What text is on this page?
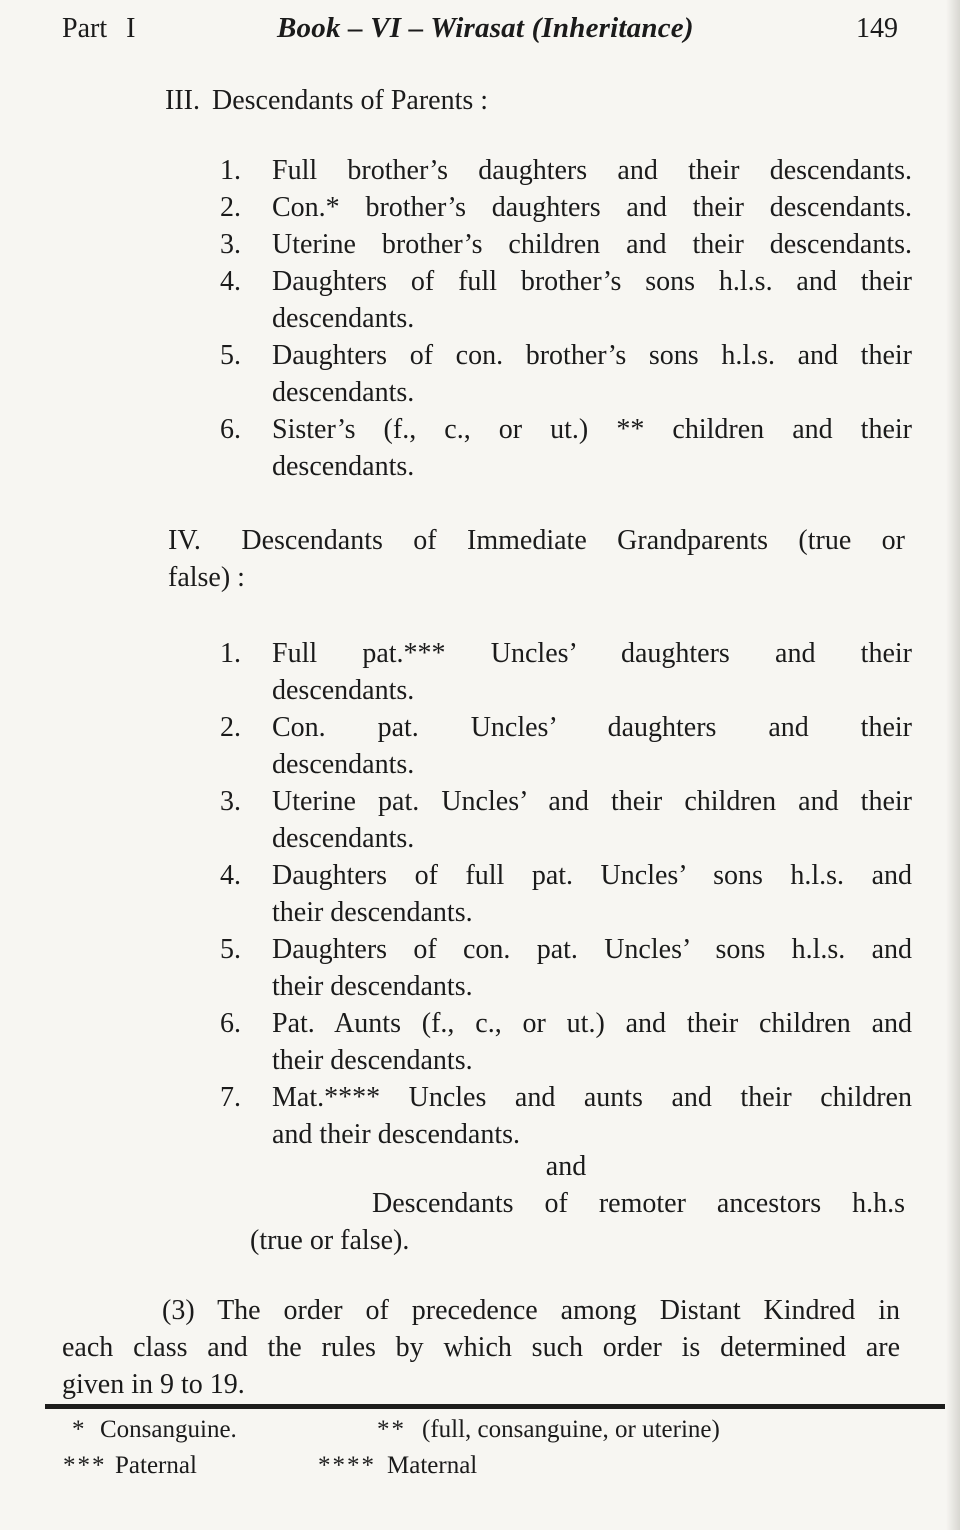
Part I	Book – VI – Wirasat (Inheritance)	149
III. Descendants of Parents :
1.	Full brother’s daughters and their descendants.
2.	Con.* brother’s daughters and their descendants.
3.	Uterine brother’s children and their descendants.
4.	Daughters of full brother’s sons h.l.s. and their
descendants.
5.	Daughters of con. brother’s sons h.l.s. and their
descendants.
6.	Sister’s (f., c., or ut.) ** children and their
descendants.
IV. Descendants of Immediate Grandparents (true or
false) :
1.	Full pat.*** Uncles’ daughters and their
descendants.
2.	Con. pat. Uncles’ daughters and their
descendants.
3.	Uterine pat. Uncles’ and their children and their
descendants.
4.	Daughters of full pat. Uncles’ sons h.l.s. and
their descendants.
5.	Daughters of con. pat. Uncles’ sons h.l.s. and
their descendants.
6.	Pat. Aunts (f., c., or ut.) and their children and
their descendants.
7.	Mat.**** Uncles and aunts and their children
and their descendants.
and
Descendants of remoter ancestors h.h.s
(true or false).
(3) The order of precedence among Distant Kindred in
each class and the rules by which such order is determined are
given in 9 to 19.
* Consanguine.	** (full, consanguine, or uterine)
*** Paternal	**** Maternal
